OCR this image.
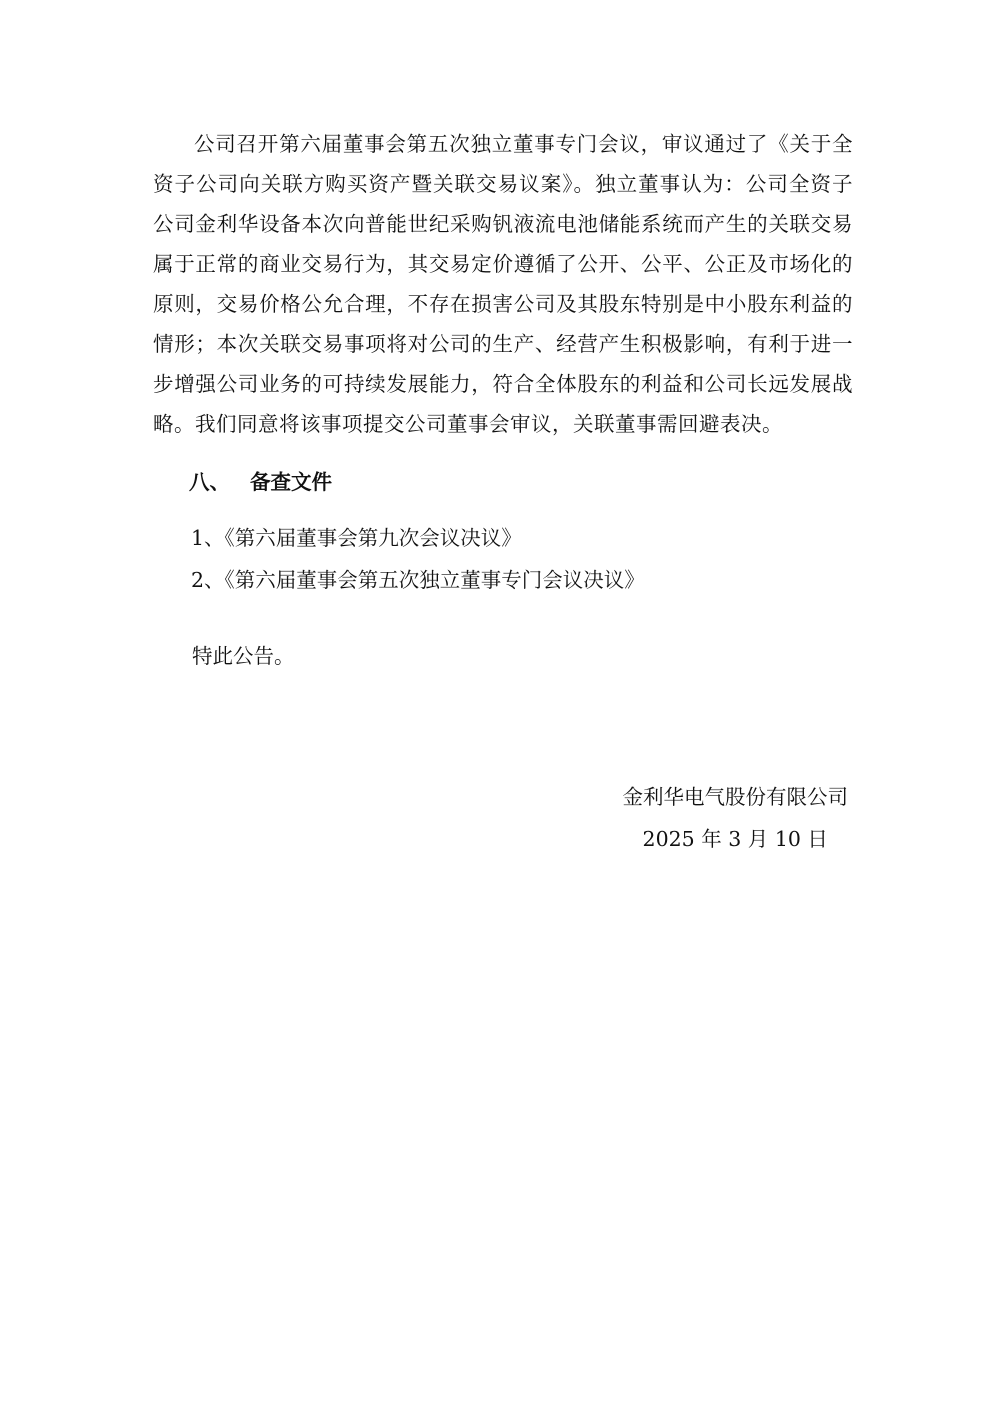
公司召开第六届董事会第五次独立董事专门会议，审议通过了《关于全资子公司向关联方购买资产暨关联交易议案》。独立董事认为：公司全资子公司金利华设备本次向普能世纪采购钒液流电池储能系统而产生的关联交易属于正常的商业交易行为，其交易定价遵循了公开、公平、公正及市场化的原则，交易价格公允合理，不存在损害公司及其股东特别是中小股东利益的情形；本次关联交易事项将对公司的生产、经营产生积极影响，有利于进一步增强公司业务的可持续发展能力，符合全体股东的利益和公司长远发展战略。我们同意将该事项提交公司董事会审议，关联董事需回避表决。

八、 备查文件
1、《第六届董事会第九次会议决议》
2、《第六届董事会第五次独立董事专门会议决议》

特此公告。

金利华电气股份有限公司
2025 年 3 月 10 日
